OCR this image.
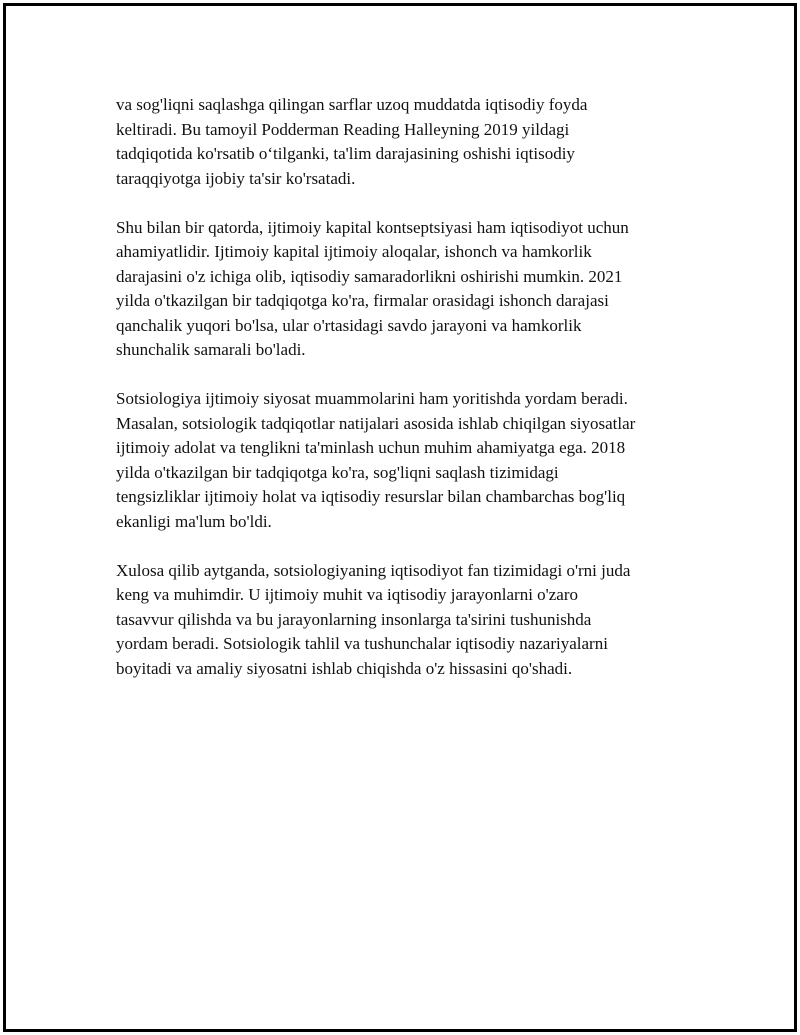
va sog'liqni saqlashga qilingan sarflar uzoq muddatda iqtisodiy foyda
keltiradi. Bu tamoyil Podderman Reading Halleyning 2019 yildagi
tadqiqotida ko'rsatib o‘tilganki, ta'lim darajasining oshishi iqtisodiy
taraqqiyotga ijobiy ta'sir ko'rsatadi.
Shu bilan bir qatorda, ijtimoiy kapital kontseptsiyasi ham iqtisodiyot uchun
ahamiyatlidir. Ijtimoiy kapital ijtimoiy aloqalar, ishonch va hamkorlik
darajasini o'z ichiga olib, iqtisodiy samaradorlikni oshirishi mumkin. 2021
yilda o'tkazilgan bir tadqiqotga ko'ra, firmalar orasidagi ishonch darajasi
qanchalik yuqori bo'lsa, ular o'rtasidagi savdo jarayoni va hamkorlik
shunchalik samarali bo'ladi.
Sotsiologiya ijtimoiy siyosat muammolarini ham yoritishda yordam beradi.
Masalan, sotsiologik tadqiqotlar natijalari asosida ishlab chiqilgan siyosatlar
ijtimoiy adolat va tenglikni ta'minlash uchun muhim ahamiyatga ega. 2018
yilda o'tkazilgan bir tadqiqotga ko'ra, sog'liqni saqlash tizimidagi
tengsizliklar ijtimoiy holat va iqtisodiy resurslar bilan chambarchas bog'liq
ekanligi ma'lum bo'ldi.
Xulosa qilib aytganda, sotsiologiyaning iqtisodiyot fan tizimidagi o'rni juda
keng va muhimdir. U ijtimoiy muhit va iqtisodiy jarayonlarni o'zaro
tasavvur qilishda va bu jarayonlarning insonlarga ta'sirini tushunishda
yordam beradi. Sotsiologik tahlil va tushunchalar iqtisodiy nazariyalarni
boyitadi va amaliy siyosatni ishlab chiqishda o'z hissasini qo'shadi.
